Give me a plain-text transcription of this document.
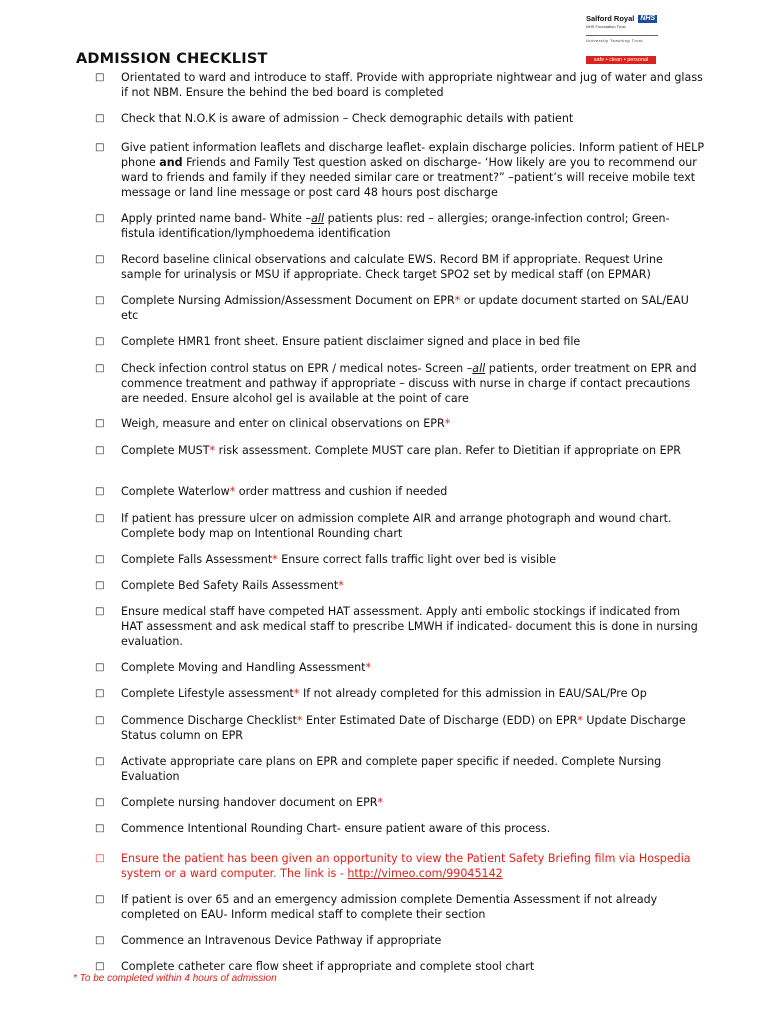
Salford Royal NHS
NHS Foundation Trust
University Teaching Trust
safe • clean • personal
ADMISSION CHECKLIST
□	Orientated to ward and introduce to staff. Provide with appropriate nightwear and jug of water and glass if not NBM. Ensure the behind the bed board is completed
□	Check that N.O.K is aware of admission – Check demographic details with patient
□	Give patient information leaflets and discharge leaflet- explain discharge policies. Inform patient of HELP phone and Friends and Family Test question asked on discharge- ‘How likely are you to recommend our ward to friends and family if they needed similar care or treatment?” –patient’s will receive mobile text message or land line message or post card 48 hours post discharge
□	Apply printed name band- White –all patients plus: red – allergies; orange-infection control; Green- fistula identification/lymphoedema identification
□	Record baseline clinical observations and calculate EWS. Record BM if appropriate. Request Urine sample for urinalysis or MSU if appropriate. Check target SPO2 set by medical staff (on EPMAR)
□	Complete Nursing Admission/Assessment Document on EPR* or update document started on SAL/EAU etc
□	Complete HMR1 front sheet. Ensure patient disclaimer signed and place in bed file
□	Check infection control status on EPR / medical notes- Screen –all patients, order treatment on EPR and commence treatment and pathway if appropriate – discuss with nurse in charge if contact precautions are needed. Ensure alcohol gel is available at the point of care
□	Weigh, measure and enter on clinical observations on EPR*
□	Complete MUST* risk assessment. Complete MUST care plan. Refer to Dietitian if appropriate on EPR
□	Complete Waterlow* order mattress and cushion if needed
□	If patient has pressure ulcer on admission complete AIR and arrange photograph and wound chart. Complete body map on Intentional Rounding chart
□	Complete Falls Assessment* Ensure correct falls traffic light over bed is visible
□	Complete Bed Safety Rails Assessment*
□	Ensure medical staff have competed HAT assessment. Apply anti embolic stockings if indicated from HAT assessment and ask medical staff to prescribe LMWH if indicated- document this is done in nursing evaluation.
□	Complete Moving and Handling Assessment*
□	Complete Lifestyle assessment* If not already completed for this admission in EAU/SAL/Pre Op
□	Commence Discharge Checklist* Enter Estimated Date of Discharge (EDD) on EPR* Update Discharge Status column on EPR
□	Activate appropriate care plans on EPR and complete paper specific if needed. Complete Nursing Evaluation
□	Complete nursing handover document on EPR*
□	Commence Intentional Rounding Chart- ensure patient aware of this process.
□	Ensure the patient has been given an opportunity to view the Patient Safety Briefing film via Hospedia system or a ward computer. The link is - http://vimeo.com/99045142
□	If patient is over 65 and an emergency admission complete Dementia Assessment if not already completed on EAU- Inform medical staff to complete their section
□	Commence an Intravenous Device Pathway if appropriate
□	Complete catheter care flow sheet if appropriate and complete stool chart
* To be completed within 4 hours of admission
